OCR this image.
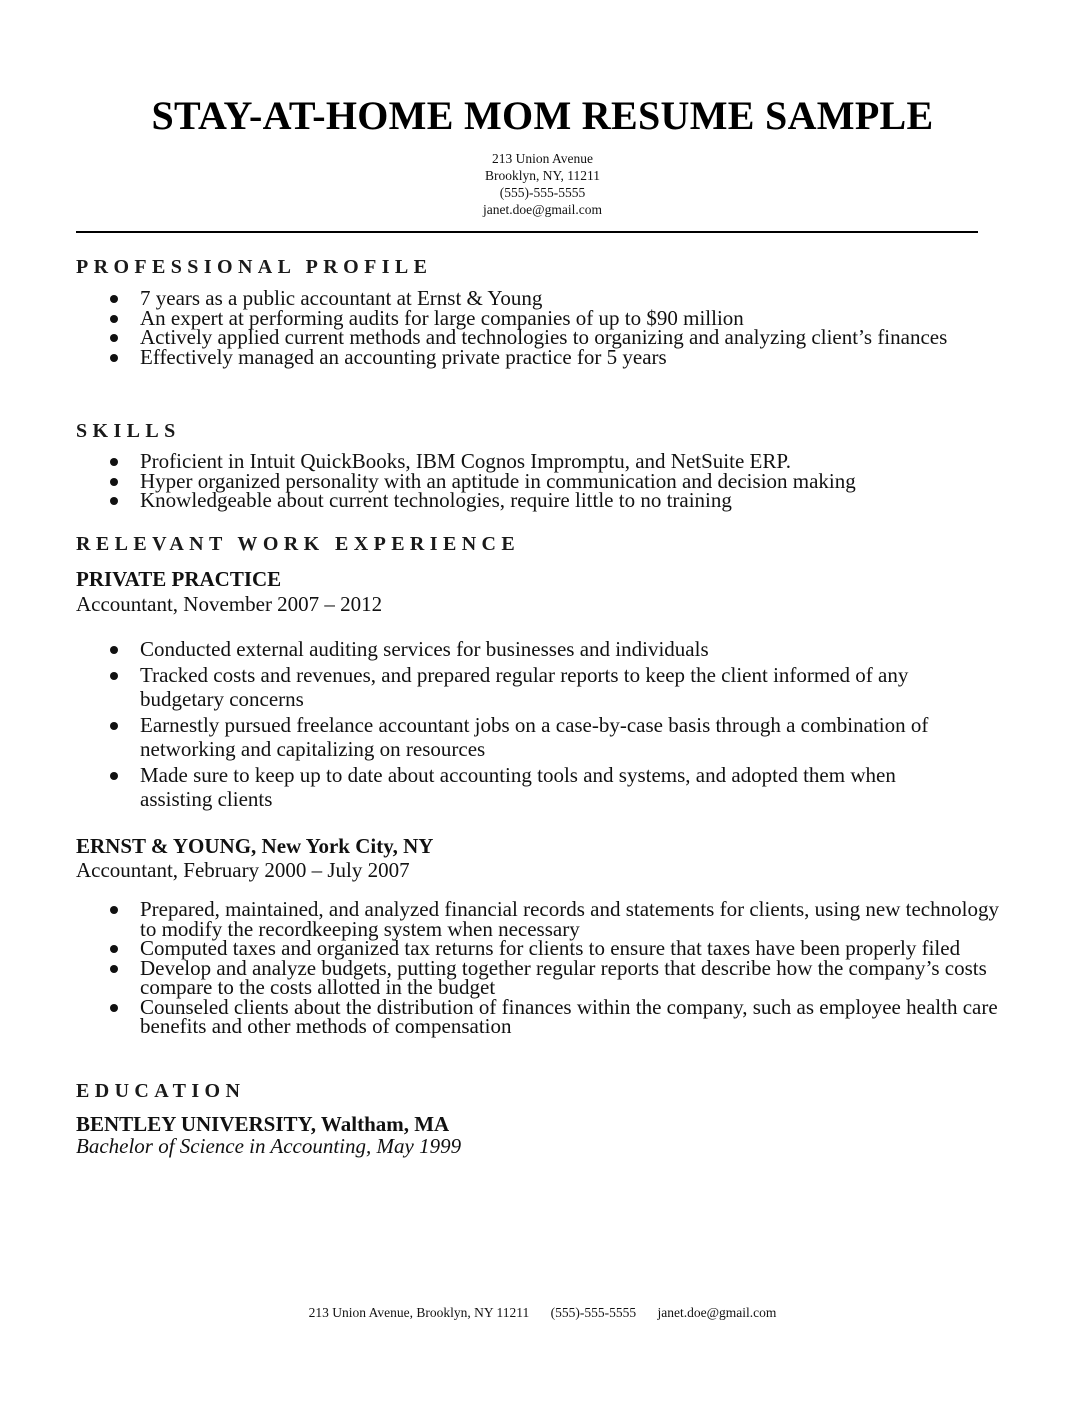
STAY-AT-HOME MOM RESUME SAMPLE
213 Union Avenue
Brooklyn, NY, 11211
(555)-555-5555
janet.doe@gmail.com
PROFESSIONAL PROFILE
7 years as a public accountant at Ernst & Young
An expert at performing audits for large companies of up to $90 million
Actively applied current methods and technologies to organizing and analyzing client’s finances
Effectively managed an accounting private practice for 5 years
SKILLS
Proficient in Intuit QuickBooks, IBM Cognos Impromptu, and NetSuite ERP.
Hyper organized personality with an aptitude in communication and decision making
Knowledgeable about current technologies, require little to no training
RELEVANT WORK EXPERIENCE
PRIVATE PRACTICE
Accountant, November 2007 – 2012
Conducted external auditing services for businesses and individuals
Tracked costs and revenues, and prepared regular reports to keep the client informed of any budgetary concerns
Earnestly pursued freelance accountant jobs on a case-by-case basis through a combination of networking and capitalizing on resources
Made sure to keep up to date about accounting tools and systems, and adopted them when assisting clients
ERNST & YOUNG, New York City, NY
Accountant, February 2000 – July 2007
Prepared, maintained, and analyzed financial records and statements for clients, using new technology to modify the recordkeeping system when necessary
Computed taxes and organized tax returns for clients to ensure that taxes have been properly filed
Develop and analyze budgets, putting together regular reports that describe how the company’s costs compare to the costs allotted in the budget
Counseled clients about the distribution of finances within the company, such as employee health care benefits and other methods of compensation
EDUCATION
BENTLEY UNIVERSITY, Waltham, MA
Bachelor of Science in Accounting, May 1999
213 Union Avenue, Brooklyn, NY 11211 (555)-555-5555 janet.doe@gmail.com
